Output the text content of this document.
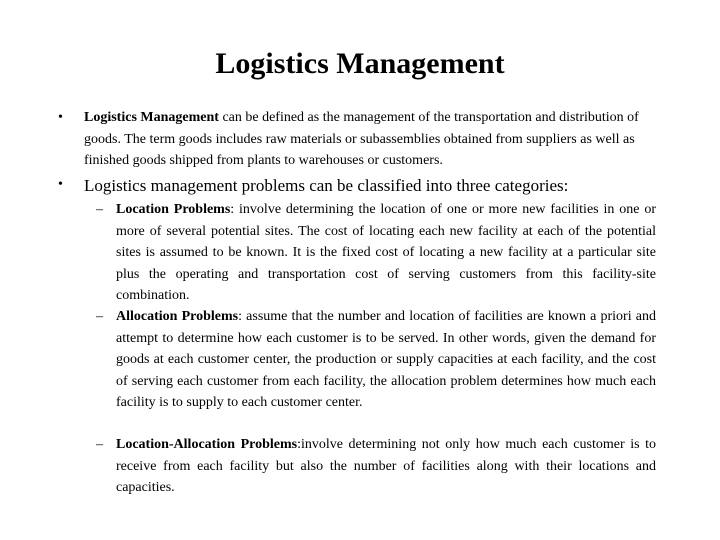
Logistics Management
• Logistics Management can be defined as the management of the transportation and distribution of goods. The term goods includes raw materials or subassemblies obtained from suppliers as well as finished goods shipped from plants to warehouses or customers.
• Logistics management problems can be classified into three categories:
– Location Problems: involve determining the location of one or more new facilities in one or more of several potential sites. The cost of locating each new facility at each of the potential sites is assumed to be known. It is the fixed cost of locating a new facility at a particular site plus the operating and transportation cost of serving customers from this facility-site combination.
– Allocation Problems: assume that the number and location of facilities are known a priori and attempt to determine how each customer is to be served. In other words, given the demand for goods at each customer center, the production or supply capacities at each facility, and the cost of serving each customer from each facility, the allocation problem determines how much each facility is to supply to each customer center.
– Location-Allocation Problems:involve determining not only how much each customer is to receive from each facility but also the number of facilities along with their locations and capacities.
